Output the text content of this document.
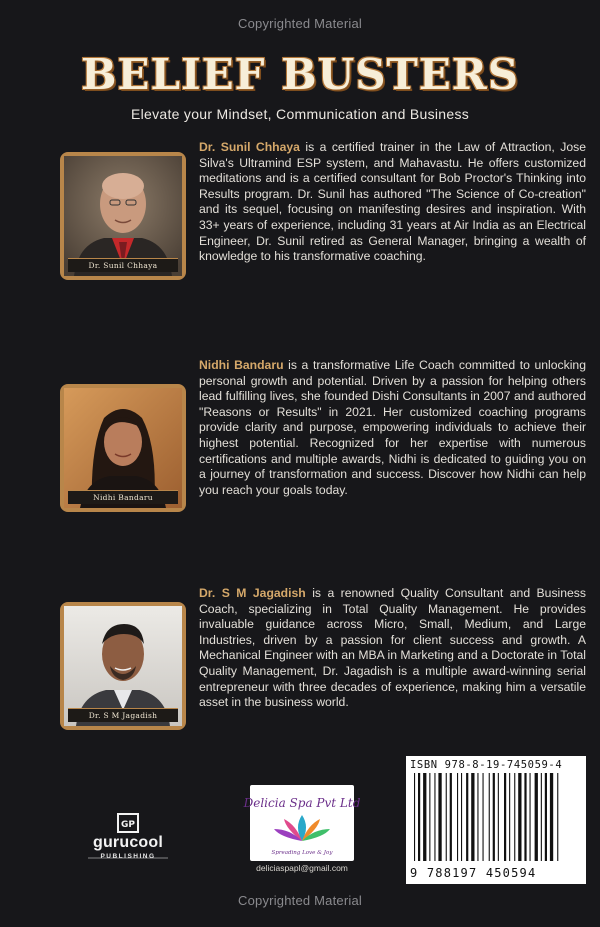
Copyrighted Material
BELIEF BUSTERS
Elevate your Mindset, Communication and Business
Dr. Sunil Chhaya
Dr. Sunil Chhaya is a certified trainer in the Law of Attraction, Jose Silva's Ultramind ESP system, and Mahavastu. He offers customized meditations and is a certified consultant for Bob Proctor's Thinking into Results program. Dr. Sunil has authored "The Science of Co-creation" and its sequel, focusing on manifesting desires and inspiration. With 33+ years of experience, including 31 years at Air India as an Electrical Engineer, Dr. Sunil retired as General Manager, bringing a wealth of knowledge to his transformative coaching.
Nidhi Bandaru
Nidhi Bandaru is a transformative Life Coach committed to unlocking personal growth and potential. Driven by a passion for helping others lead fulfilling lives, she founded Dishi Consultants in 2007 and authored "Reasons or Results" in 2021. Her customized coaching programs provide clarity and purpose, empowering individuals to achieve their highest potential. Recognized for her expertise with numerous certifications and multiple awards, Nidhi is dedicated to guiding you on a journey of transformation and success. Discover how Nidhi can help you reach your goals today.
Dr. S M Jagadish
Dr. S M Jagadish is a renowned Quality Consultant and Business Coach, specializing in Total Quality Management. He provides invaluable guidance across Micro, Small, Medium, and Large Industries, driven by a passion for client success and growth. A Mechanical Engineer with an MBA in Marketing and a Doctorate in Total Quality Management, Dr. Jagadish is a multiple award-winning serial entrepreneur with three decades of experience, making him a versatile asset in the business world.
GP
gurucool
PUBLISHING
Delicia Spa Pvt Ltd
Spreading Love & Joy
deliciaspapl@gmail.com
ISBN 978-8-19-745059-4
9 788197 450594
Copyrighted Material
